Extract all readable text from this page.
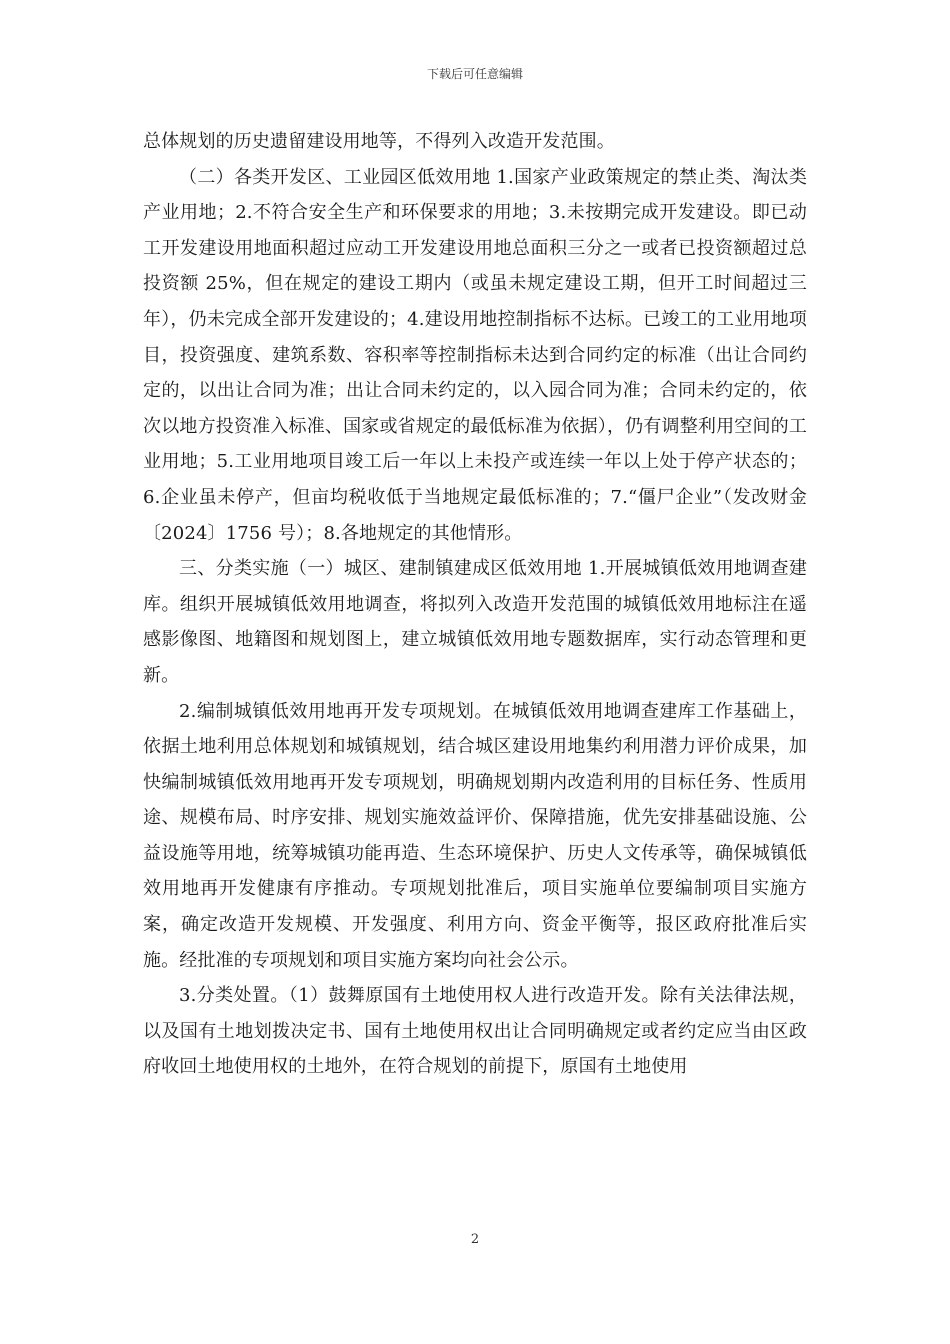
下载后可任意编辑

总体规划的历史遗留建设用地等，不得列入改造开发范围。

（二）各类开发区、工业园区低效用地 1.国家产业政策规定的禁止类、淘汰类产业用地；2.不符合安全生产和环保要求的用地；3.未按期完成开发建设。即已动工开发建设用地面积超过应动工开发建设用地总面积三分之一或者已投资额超过总投资额 25%，但在规定的建设工期内（或虽未规定建设工期，但开工时间超过三年），仍未完成全部开发建设的；4.建设用地控制指标不达标。已竣工的工业用地项目，投资强度、建筑系数、容积率等控制指标未达到合同约定的标准（出让合同约定的，以出让合同为准；出让合同未约定的，以入园合同为准；合同未约定的，依次以地方投资准入标准、国家或省规定的最低标准为依据），仍有调整利用空间的工业用地；5.工业用地项目竣工后一年以上未投产或连续一年以上处于停产状态的；6.企业虽未停产，但亩均税收低于当地规定最低标准的；7.“僵尸企业”（发改财金〔2024〕1756 号）；8.各地规定的其他情形。

三、分类实施（一）城区、建制镇建成区低效用地 1.开展城镇低效用地调查建库。组织开展城镇低效用地调查，将拟列入改造开发范围的城镇低效用地标注在遥感影像图、地籍图和规划图上，建立城镇低效用地专题数据库，实行动态管理和更新。

2.编制城镇低效用地再开发专项规划。在城镇低效用地调查建库工作基础上，依据土地利用总体规划和城镇规划，结合城区建设用地集约利用潜力评价成果，加快编制城镇低效用地再开发专项规划，明确规划期内改造利用的目标任务、性质用途、规模布局、时序安排、规划实施效益评价、保障措施，优先安排基础设施、公益设施等用地，统筹城镇功能再造、生态环境保护、历史人文传承等，确保城镇低效用地再开发健康有序推动。专项规划批准后，项目实施单位要编制项目实施方案，确定改造开发规模、开发强度、利用方向、资金平衡等，报区政府批准后实施。经批准的专项规划和项目实施方案均向社会公示。

3.分类处置。（1）鼓舞原国有土地使用权人进行改造开发。除有关法律法规，以及国有土地划拨决定书、国有土地使用权出让合同明确规定或者约定应当由区政府收回土地使用权的土地外，在符合规划的前提下，原国有土地使用

2
